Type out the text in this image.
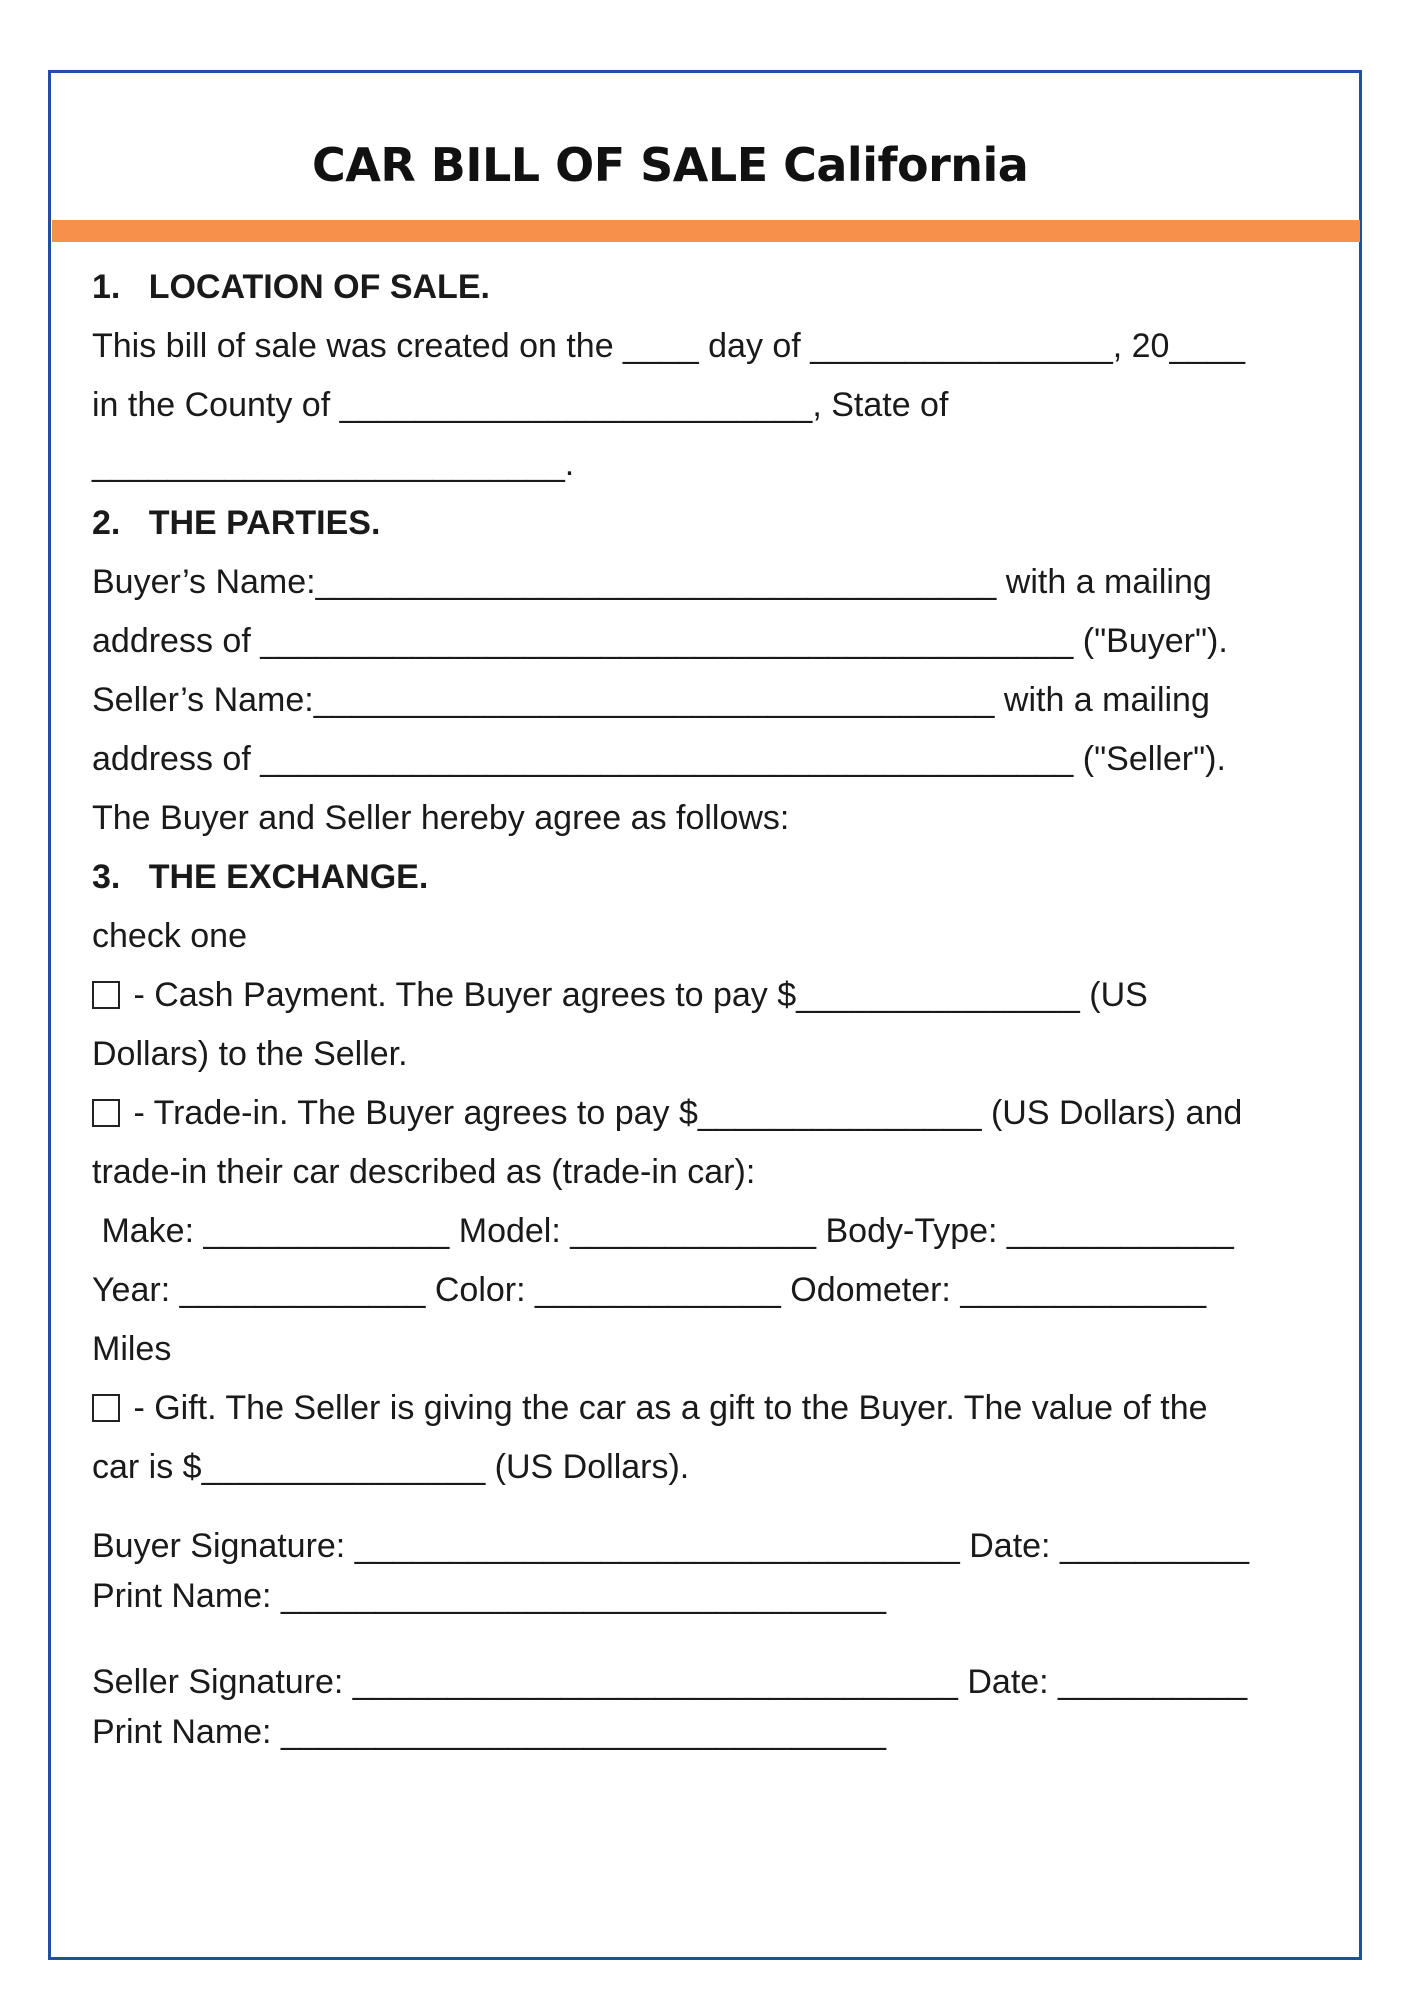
CAR BILL OF SALE California
1.   LOCATION OF SALE.
This bill of sale was created on the ____ day of ________________, 20____
in the County of _________________________, State of
_________________________.
2.   THE PARTIES.
Buyer’s Name:____________________________________ with a mailing
address of ___________________________________________ ("Buyer").
Seller’s Name:____________________________________ with a mailing
address of ___________________________________________ ("Seller").
The Buyer and Seller hereby agree as follows:
3.   THE EXCHANGE.
check one
- Cash Payment. The Buyer agrees to pay $_______________ (US
Dollars) to the Seller.
- Trade-in. The Buyer agrees to pay $_______________ (US Dollars) and
trade-in their car described as (trade-in car):
Make: _____________ Model: _____________ Body-Type: ____________
Year: _____________ Color: _____________ Odometer: _____________
Miles
- Gift. The Seller is giving the car as a gift to the Buyer. The value of the
car is $_______________ (US Dollars).
Buyer Signature: ________________________________ Date: __________
Print Name: ________________________________
Seller Signature: ________________________________ Date: __________
Print Name: ________________________________
